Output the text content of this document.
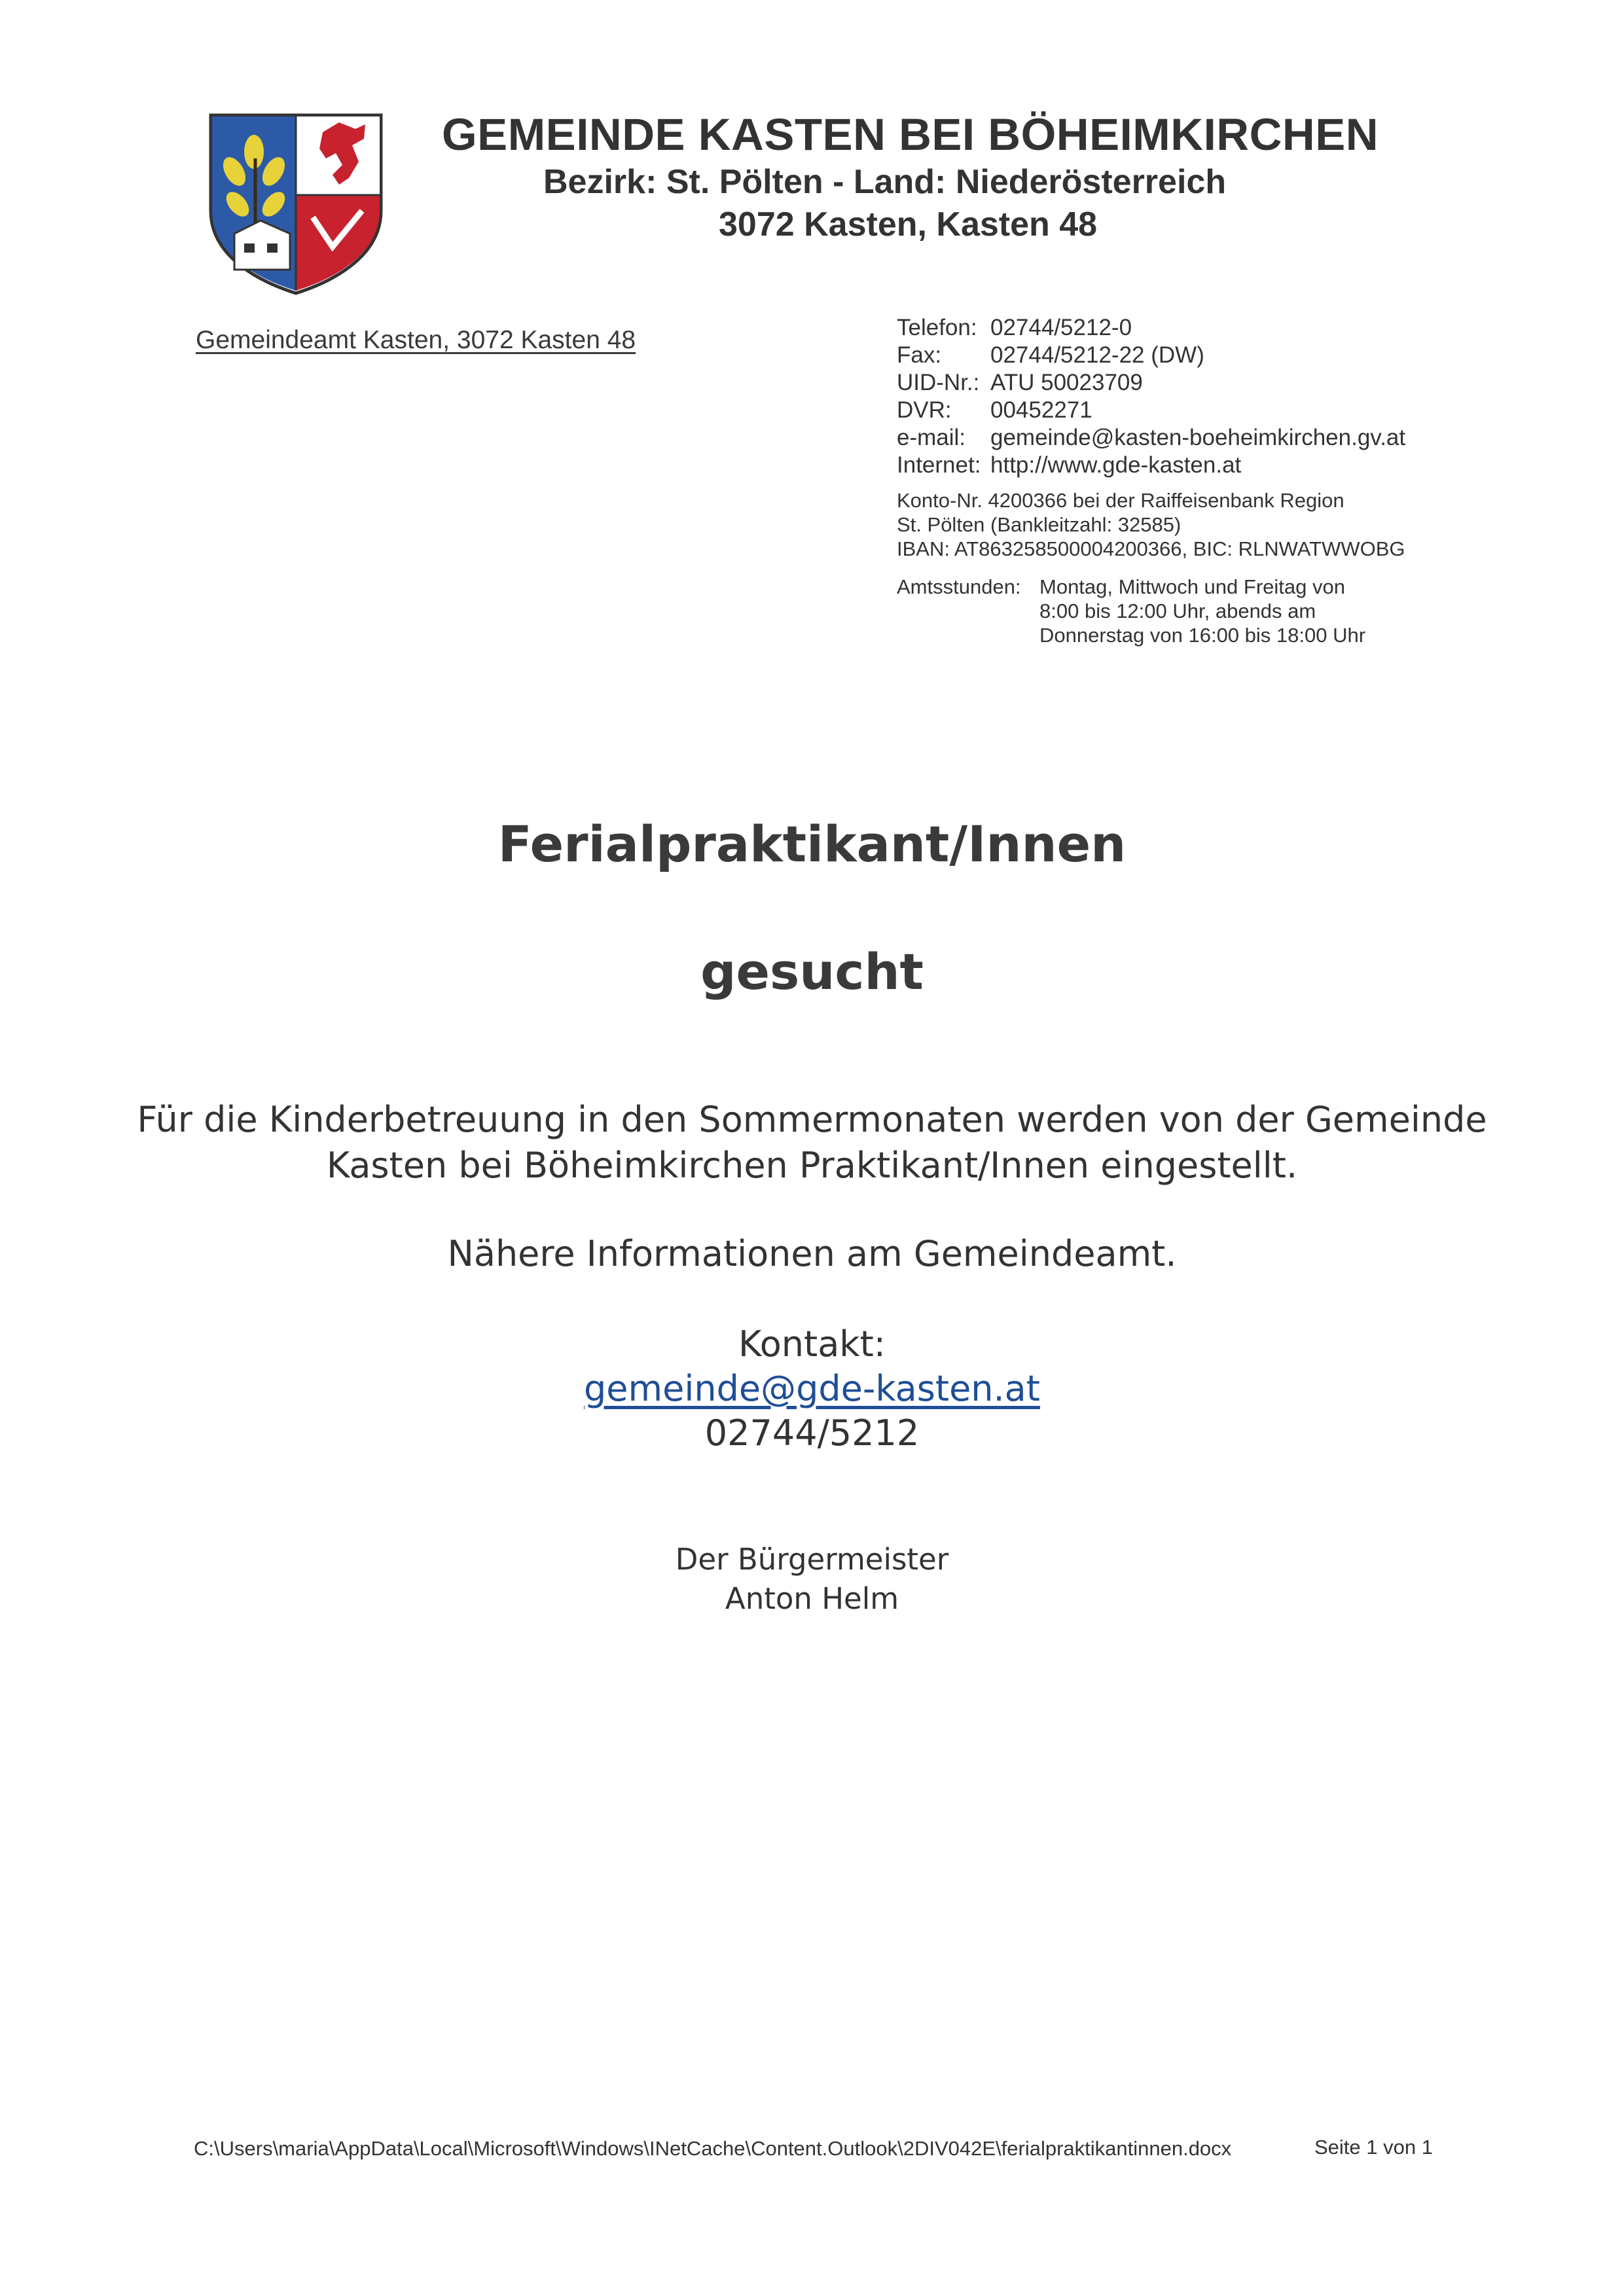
GEMEINDE KASTEN BEI BÖHEIMKIRCHEN
Bezirk: St. Pölten - Land: Niederösterreich
3072 Kasten, Kasten 48
Gemeindeamt Kasten, 3072 Kasten 48	Telefon: 02744/5212-0
Fax:	02744/5212-22 (DW)
UID-Nr.: ATU 50023709
DVR:	00452271
e-mail:	gemeinde@kasten-boeheimkirchen.gv.at
Internet: http://www.gde-kasten.at
Konto-Nr. 4200366 bei der Raiffeisenbank Region
St. Pölten (Bankleitzahl: 32585)
IBAN: AT863258500004200366, BIC: RLNWATWWOBG
Amtsstunden: Montag, Mittwoch und Freitag von
8:00 bis 12:00 Uhr, abends am
Donnerstag von 16:00 bis 18:00 Uhr
Ferialpraktikant/Innen
gesucht
Für die Kinderbetreuung in den Sommermonaten werden von der Gemeinde
Kasten bei Böheimkirchen Praktikant/Innen eingestellt.
Nähere Informationen am Gemeindeamt.
Kontakt:
gemeinde@gde-kasten.at
02744/5212
Der Bürgermeister
Anton Helm
C:\Users\maria\AppData\Local\Microsoft\Windows\INetCache\Content.Outlook\2DIV042E\ferialpraktikantinnen.docx	Seite 1 von 1
